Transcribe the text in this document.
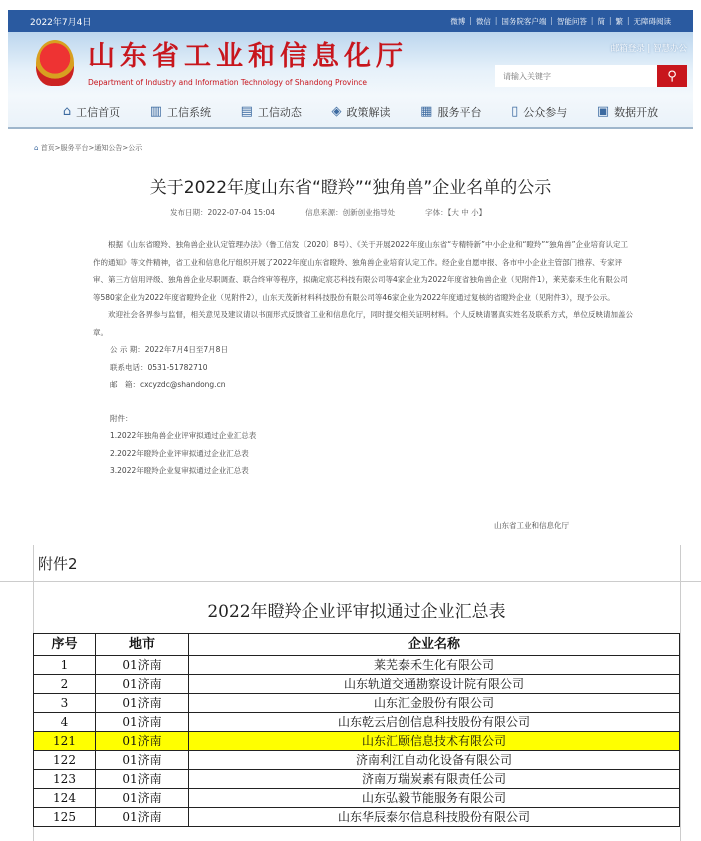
2022年7月4日	微博 | 微信 | 国务院客户端 | 智能问答 | 简 | 繁 | 无障碍阅读
山东省工业和信息化厅
Department of Industry and Information Technology of Shandong Province
邮箱登录 | 智慧办公
请输入关键字
⚲
⌂ 工信首页 ▥ 工信系统 ▤ 工信动态 ◈ 政策解读 ▦ 服务平台 ▯ 公众参与 ▣ 数据开放
⌂ 首页>服务平台>通知公告>公示
关于2022年度山东省“瞪羚”“独角兽”企业名单的公示
发布日期：2022-07-04 15:04	信息来源：创新创业指导处	字体：【大 中 小】

根据《山东省瞪羚、独角兽企业认定管理办法》（鲁工信发〔2020〕8号）、《关于开展2022年度山东省“专精特新”中小企业和“瞪羚”“独角兽”企业培育认定工作的通知》等文件精神，省工业和信息化厅组织开展了2022年度山东省瞪羚、独角兽企业培育认定工作。经企业自愿申报、各市中小企业主管部门推荐、专家评审、第三方信用评级、独角兽企业尽职调查、联合终审等程序，拟确定宸芯科技有限公司等4家企业为2022年度省独角兽企业（见附件1），莱芜泰禾生化有限公司等580家企业为2022年度省瞪羚企业（见附件2），山东天茂新材料科技股份有限公司等46家企业为2022年度通过复核的省瞪羚企业（见附件3），现予公示。

欢迎社会各界参与监督，相关意见及建议请以书面形式反馈省工业和信息化厅，同时提交相关证明材料。个人反映请署真实姓名及联系方式，单位反映请加盖公章。

公 示 期：2022年7月4日至7月8日
联系电话：0531-51782710
邮　箱：cxcyzdc@shandong.cn
附件：
1.2022年独角兽企业评审拟通过企业汇总表
2.2022年瞪羚企业评审拟通过企业汇总表
3.2022年瞪羚企业复审拟通过企业汇总表
山东省工业和信息化厅
附件2
2022年瞪羚企业评审拟通过企业汇总表
序号	地市	企业名称
1	01济南	莱芜泰禾生化有限公司
2	01济南	山东轨道交通勘察设计院有限公司
3	01济南	山东汇金股份有限公司
4	01济南	山东乾云启创信息科技股份有限公司
121	01济南	山东汇颐信息技术有限公司
122	01济南	济南利江自动化设备有限公司
123	01济南	济南万瑞炭素有限责任公司
124	01济南	山东弘毅节能服务有限公司
125	01济南	山东华辰泰尔信息科技股份有限公司
